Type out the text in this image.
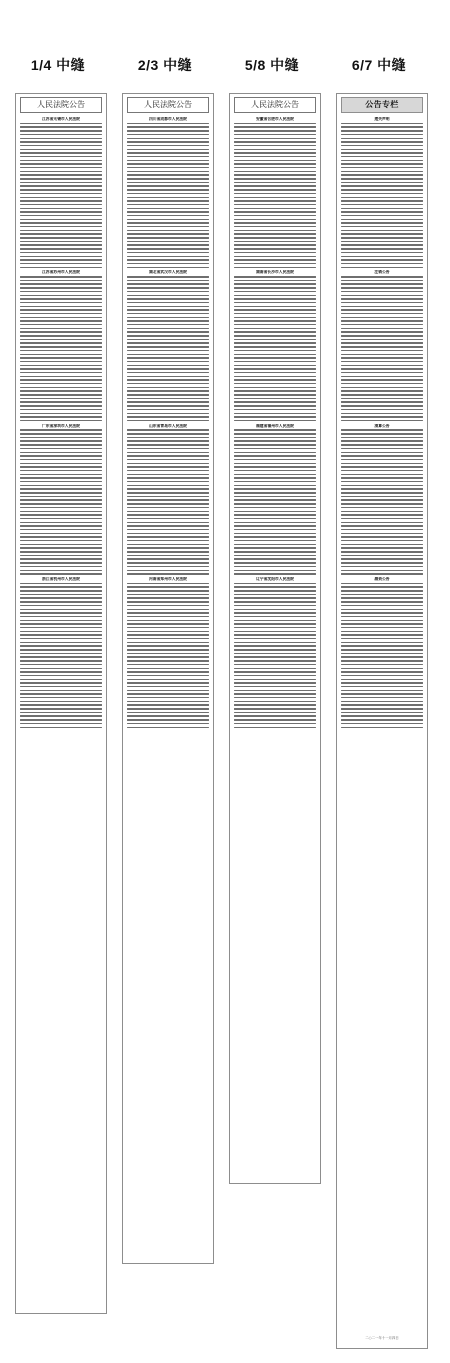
1/4 中缝	2/3 中缝	5/8 中缝	6/7 中缝
人民法院公告
江苏省无锡市人民法院
江苏省苏州市人民法院
广东省深圳市人民法院
浙江省杭州市人民法院
人民法院公告
四川省成都市人民法院
湖北省武汉市人民法院
山东省青岛市人民法院
河南省郑州市人民法院
人民法院公告
安徽省合肥市人民法院
湖南省长沙市人民法院
福建省福州市人民法院
辽宁省沈阳市人民法院
公告专栏
遗失声明
注销公告
清算公告
减资公告
二○二一年十一月四日
